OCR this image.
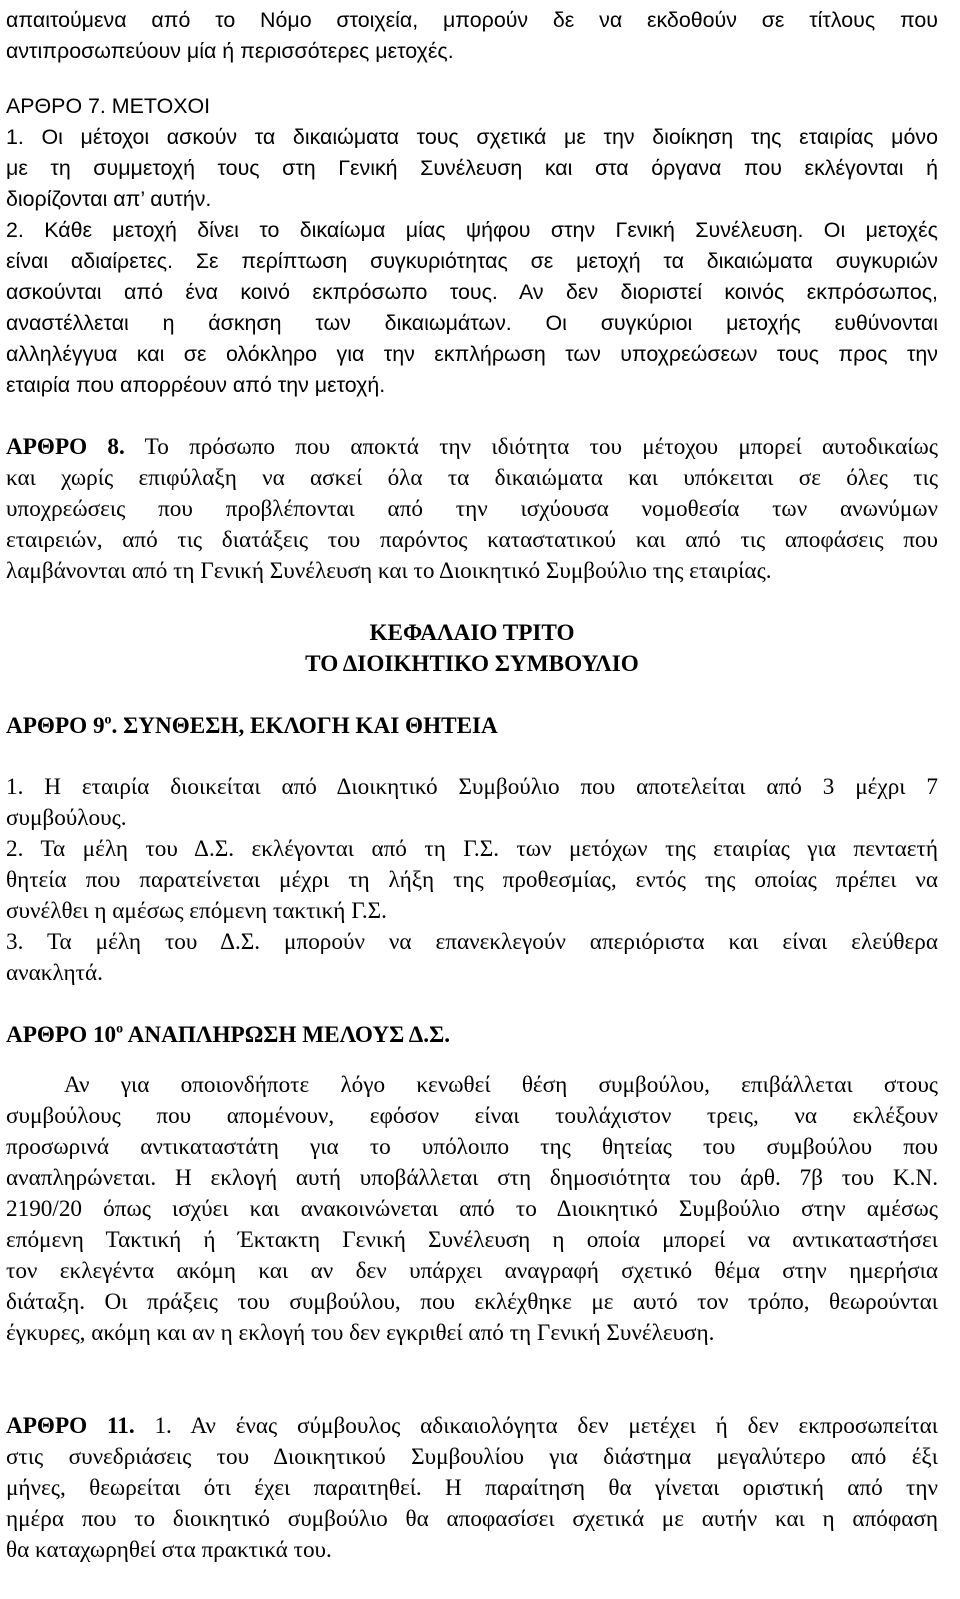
απαιτούμενα από το Νόμο στοιχεία, μπορούν δε να εκδοθούν σε τίτλους που
αντιπροσωπεύουν μία ή περισσότερες μετοχές.
ΑΡΘΡΟ 7. ΜΕΤΟΧΟΙ
1. Οι μέτοχοι ασκούν τα δικαιώματα τους σχετικά με την διοίκηση της εταιρίας μόνο
με τη συμμετοχή τους στη Γενική Συνέλευση και στα όργανα που εκλέγονται ή
διορίζονται απ’ αυτήν.
2. Κάθε μετοχή δίνει το δικαίωμα μίας ψήφου στην Γενική Συνέλευση. Οι μετοχές
είναι αδιαίρετες. Σε περίπτωση συγκυριότητας σε μετοχή τα δικαιώματα συγκυριών
ασκούνται από ένα κοινό εκπρόσωπο τους. Αν δεν διοριστεί κοινός εκπρόσωπος,
αναστέλλεται η άσκηση των δικαιωμάτων. Οι συγκύριοι μετοχής ευθύνονται
αλληλέγγυα και σε ολόκληρο για την εκπλήρωση των υποχρεώσεων τους προς την
εταιρία που απορρέουν από την μετοχή.
ΑΡΘΡΟ 8. Το πρόσωπο που αποκτά την ιδιότητα του μέτοχου μπορεί αυτοδικαίως
και χωρίς επιφύλαξη να ασκεί όλα τα δικαιώματα και υπόκειται σε όλες τις
υποχρεώσεις που προβλέπονται από την ισχύουσα νομοθεσία των ανωνύμων
εταιρειών, από τις διατάξεις του παρόντος καταστατικού και από τις αποφάσεις που
λαμβάνονται από τη Γενική Συνέλευση και το Διοικητικό Συμβούλιο της εταιρίας.
ΚΕΦΑΛΑΙΟ ΤΡΙΤΟ
ΤΟ ΔΙΟΙΚΗΤΙΚΟ ΣΥΜΒΟΥΛΙΟ
ΑΡΘΡΟ $9^o$. ΣΥΝΘΕΣΗ, ΕΚΛΟΓΗ ΚΑΙ ΘΗΤΕΙΑ
1. Η εταιρία διοικείται από Διοικητικό Συμβούλιο που αποτελείται από 3 μέχρι 7
συμβούλους.
2. Τα μέλη του Δ.Σ. εκλέγονται από τη Γ.Σ. των μετόχων της εταιρίας για πενταετή
θητεία που παρατείνεται μέχρι τη λήξη της προθεσμίας, εντός της οποίας πρέπει να
συνέλθει η αμέσως επόμενη τακτική Γ.Σ.
3. Τα μέλη του Δ.Σ. μπορούν να επανεκλεγούν απεριόριστα και είναι ελεύθερα
ανακλητά.
ΑΡΘΡΟ $10^o$ ΑΝΑΠΛΗΡΩΣΗ ΜΕΛΟΥΣ Δ.Σ.
Αν για οποιονδήποτε λόγο κενωθεί θέση συμβούλου, επιβάλλεται στους
συμβούλους που απομένουν, εφόσον είναι τουλάχιστον τρεις, να εκλέξουν
προσωρινά αντικαταστάτη για το υπόλοιπο της θητείας του συμβούλου που
αναπληρώνεται. Η εκλογή αυτή υποβάλλεται στη δημοσιότητα του άρθ. 7β του Κ.Ν.
2190/20 όπως ισχύει και ανακοινώνεται από το Διοικητικό Συμβούλιο στην αμέσως
επόμενη Τακτική ή Έκτακτη Γενική Συνέλευση η οποία μπορεί να αντικαταστήσει
τον εκλεγέντα ακόμη και αν δεν υπάρχει αναγραφή σχετικό θέμα στην ημερήσια
διάταξη. Οι πράξεις του συμβούλου, που εκλέχθηκε με αυτό τον τρόπο, θεωρούνται
έγκυρες, ακόμη και αν η εκλογή του δεν εγκριθεί από τη Γενική Συνέλευση.
ΑΡΘΡΟ 11. 1. Αν ένας σύμβουλος αδικαιολόγητα δεν μετέχει ή δεν εκπροσωπείται
στις συνεδριάσεις του Διοικητικού Συμβουλίου για διάστημα μεγαλύτερο από έξι
μήνες, θεωρείται ότι έχει παραιτηθεί. Η παραίτηση θα γίνεται οριστική από την
ημέρα που το διοικητικό συμβούλιο θα αποφασίσει σχετικά με αυτήν και η απόφαση
θα καταχωρηθεί στα πρακτικά του.
